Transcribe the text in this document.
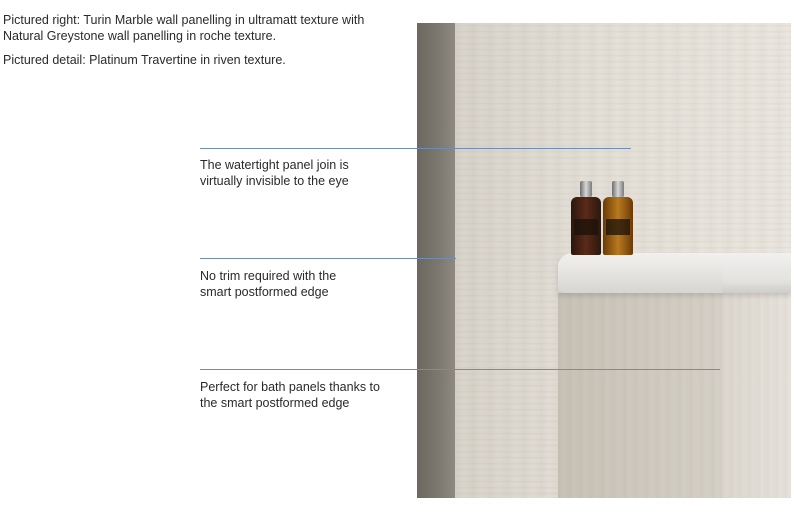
Pictured right: Turin Marble wall panelling in ultramatt texture with Natural Greystone wall panelling in roche texture.

Pictured detail: Platinum Travertine in riven texture.

The watertight panel join is
virtually invisible to the eye
No trim required with the
smart postformed edge
Perfect for bath panels thanks to
the smart postformed edge
